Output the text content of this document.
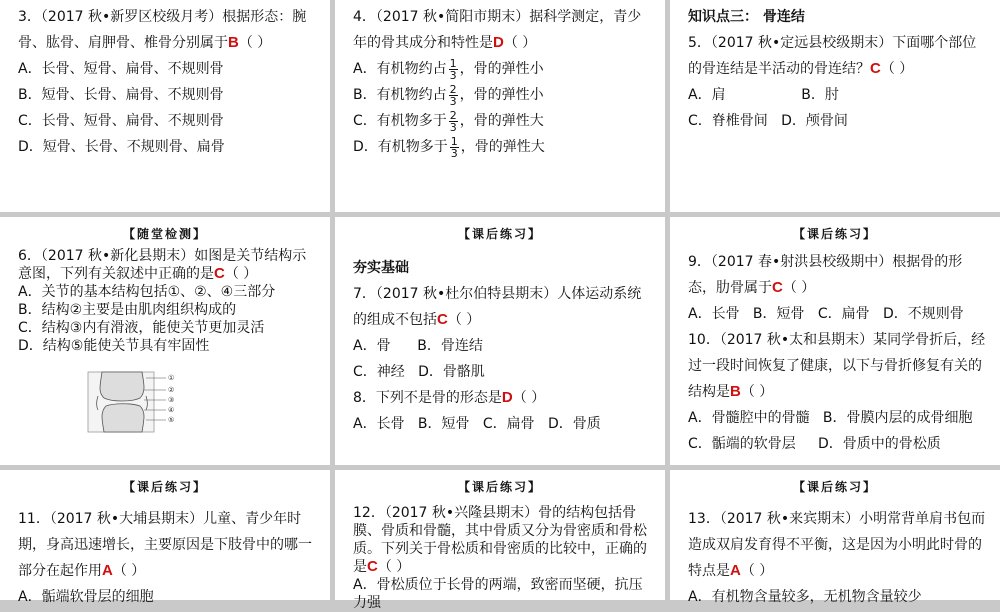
3．（2017 秋•新罗区校级月考）根据形态：腕骨、肱骨、肩胛骨、椎骨分别属于B（ ）
A．长骨、短骨、扁骨、不规则骨
B．短骨、长骨、扁骨、不规则骨
C．长骨、短骨、扁骨、不规则骨
D．短骨、长骨、不规则骨、扁骨
4．（2017 秋•简阳市期末）据科学测定，青少年的骨其成分和特性是D（ ）
A．有机物约占 $\frac{1}{3}$ ，骨的弹性小
B．有机物约占 $\frac{2}{3}$ ，骨的弹性小
C．有机物多于 $\frac{2}{3}$ ，骨的弹性大
D．有机物多于 $\frac{1}{3}$ ，骨的弹性大
知识点三： 骨连结
5．（2017 秋•定远县校级期末）下面哪个部位的骨连结是半活动的骨连结？C（ ）
A．肩                 B．肘
C．脊椎骨间   D．颅骨间
【随堂检测】
6．（2017 秋•新化县期末）如图是关节结构示意图，下列有关叙述中正确的是C（ ）
A．关节的基本结构包括①、②、④三部分
B．结构②主要是由肌肉组织构成的
C．结构③内有滑液，能使关节更加灵活
D．结构⑤能使关节具有牢固性
①
②
③
④
⑤
【课后练习】
夯实基础
7．（2017 秋•杜尔伯特县期末）人体运动系统的组成不包括C（ ）
A．骨      B．骨连结
C．神经   D．骨骼肌
8．下列不是骨的形态是D（ ）
A．长骨   B．短骨   C．扁骨   D．骨质
【课后练习】
9．（2017 春•射洪县校级期中）根据骨的形态，肋骨属于C（ ）
A．长骨   B．短骨   C．扁骨   D．不规则骨
10．（2017 秋•太和县期末）某同学骨折后，经过一段时间恢复了健康，以下与骨折修复有关的结构是B（ ）
A．骨髓腔中的骨髓   B．骨膜内层的成骨细胞
C．骺端的软骨层     D．骨质中的骨松质
【课后练习】
11．（2017 秋•大埔县期末）儿童、青少年时期，身高迅速增长，主要原因是下肢骨中的哪一部分在起作用A（ ）
A．骺端软骨层的细胞
【课后练习】
12．（2017 秋•兴隆县期末）骨的结构包括骨膜、骨质和骨髓，其中骨质又分为骨密质和骨松质。下列关于骨松质和骨密质的比较中，正确的是C（ ）
A．骨松质位于长骨的两端，致密而坚硬，抗压力强
【课后练习】
13．（2017 秋•来宾期末）小明常背单肩书包而造成双肩发育得不平衡，这是因为小明此时骨的特点是A（ ）
A．有机物含量较多，无机物含量较少
